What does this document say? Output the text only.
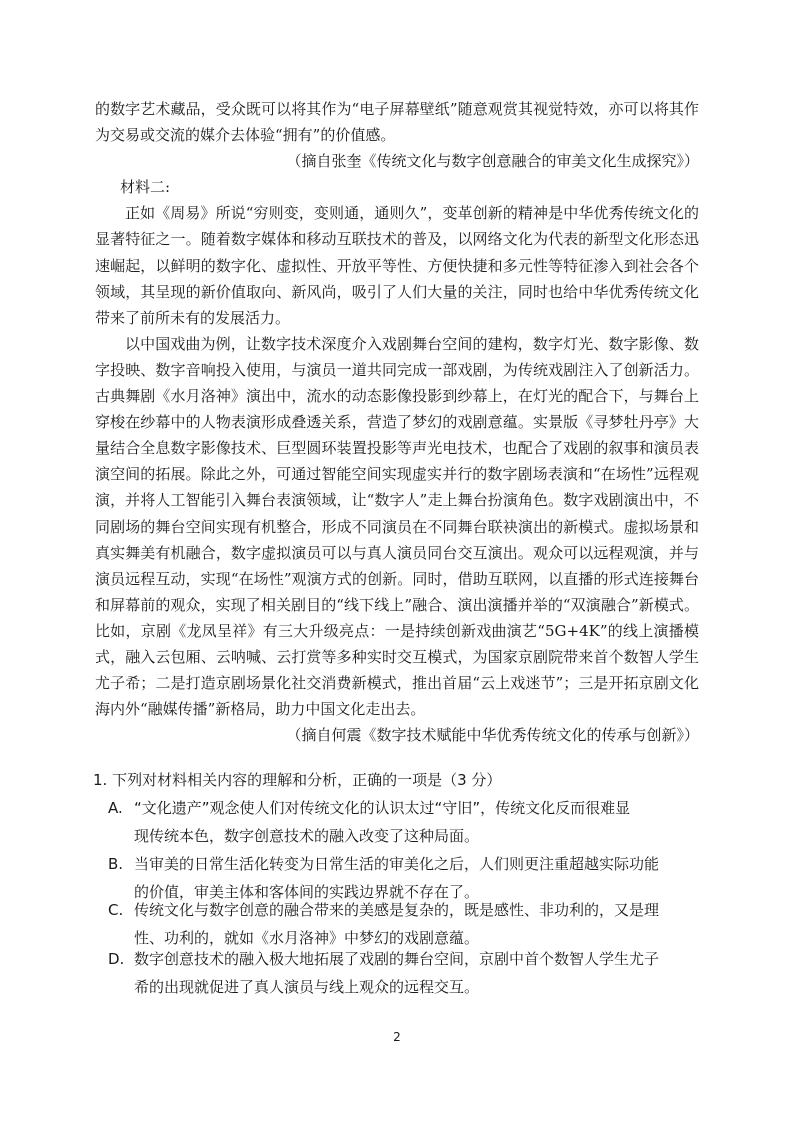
的数字艺术藏品，受众既可以将其作为“电子屏幕壁纸”随意观赏其视觉特效，亦可以将其作为交易或交流的媒介去体验“拥有”的价值感。

（摘自张奎《传统文化与数字创意融合的审美文化生成探究》）

材料二:

正如《周易》所说“穷则变，变则通，通则久”，变革创新的精神是中华优秀传统文化的显著特征之一。随着数字媒体和移动互联技术的普及，以网络文化为代表的新型文化形态迅速崛起，以鲜明的数字化、虚拟性、开放平等性、方便快捷和多元性等特征渗入到社会各个领域，其呈现的新价值取向、新风尚，吸引了人们大量的关注，同时也给中华优秀传统文化带来了前所未有的发展活力。

以中国戏曲为例，让数字技术深度介入戏剧舞台空间的建构，数字灯光、数字影像、数字投映、数字音响投入使用，与演员一道共同完成一部戏剧，为传统戏剧注入了创新活力。古典舞剧《水月洛神》演出中，流水的动态影像投影到纱幕上，在灯光的配合下，与舞台上穿梭在纱幕中的人物表演形成叠透关系，营造了梦幻的戏剧意蕴。实景版《寻梦牡丹亭》大量结合全息数字影像技术、巨型圆环装置投影等声光电技术，也配合了戏剧的叙事和演员表演空间的拓展。除此之外，可通过智能空间实现虚实并行的数字剧场表演和“在场性”远程观演，并将人工智能引入舞台表演领域，让“数字人”走上舞台扮演角色。数字戏剧演出中，不同剧场的舞台空间实现有机整合，形成不同演员在不同舞台联袂演出的新模式。虚拟场景和真实舞美有机融合，数字虚拟演员可以与真人演员同台交互演出。观众可以远程观演，并与演员远程互动，实现“在场性”观演方式的创新。同时，借助互联网，以直播的形式连接舞台和屏幕前的观众，实现了相关剧目的“线下线上”融合、演出演播并举的“双演融合”新模式。比如，京剧《龙凤呈祥》有三大升级亮点：一是持续创新戏曲演艺“5G+4K”的线上演播模式，融入云包厢、云呐喊、云打赏等多种实时交互模式，为国家京剧院带来首个数智人学生尤子希；二是打造京剧场景化社交消费新模式，推出首届“云上戏迷节”；三是开拓京剧文化海内外“融媒传播”新格局，助力中国文化走出去。

（摘自何震《数字技术赋能中华优秀传统文化的传承与创新》）

1. 下列对材料相关内容的理解和分析，正确的一项是（3 分）
A. “文化遗产”观念使人们对传统文化的认识太过“守旧”，传统文化反而很难显
现传统本色，数字创意技术的融入改变了这种局面。
B. 当审美的日常生活化转变为日常生活的审美化之后，人们则更注重超越实际功能
的价值，审美主体和客体间的实践边界就不存在了。
C. 传统文化与数字创意的融合带来的美感是复杂的，既是感性、非功利的，又是理
性、功利的，就如《水月洛神》中梦幻的戏剧意蕴。
D. 数字创意技术的融入极大地拓展了戏剧的舞台空间，京剧中首个数智人学生尤子
希的出现就促进了真人演员与线上观众的远程交互。
2
